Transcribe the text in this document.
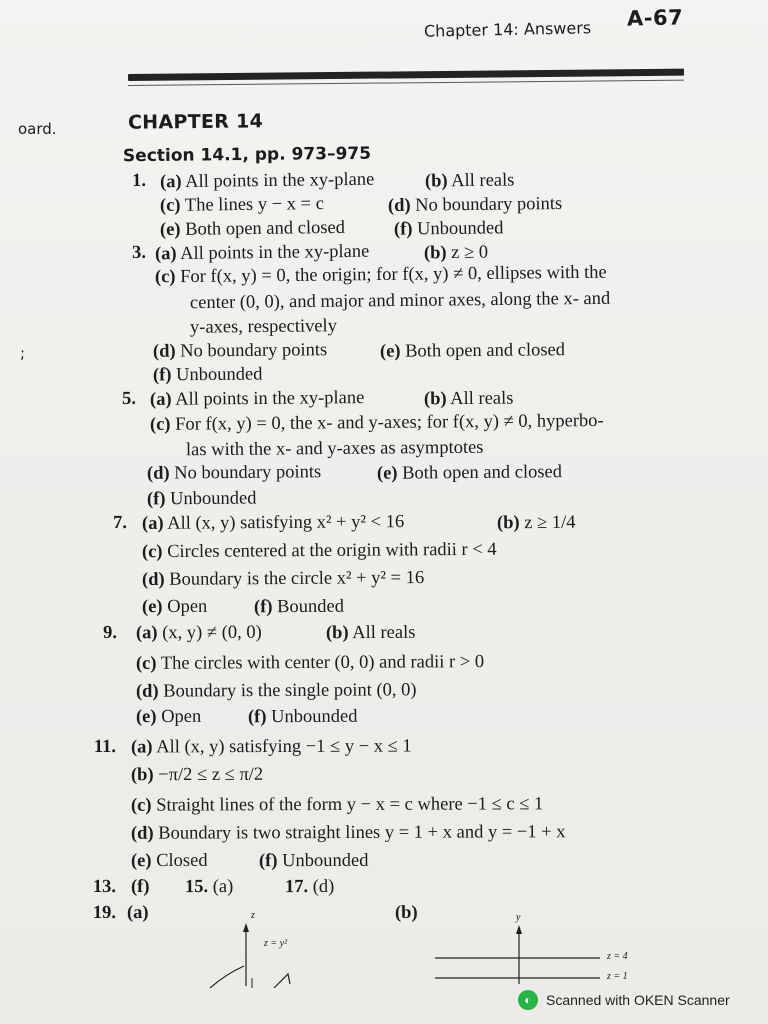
Chapter 14: Answers A-67
oard.
;
CHAPTER 14
Section 14.1, pp. 973–975
1. (a) All points in the xy-plane	(b) All reals
(c) The lines y − x = c	(d) No boundary points
(e) Both open and closed	(f) Unbounded
3. (a) All points in the xy-plane	(b) z ≥ 0
(c) For f(x, y) = 0, the origin; for f(x, y) ≠ 0, ellipses with the
center (0, 0), and major and minor axes, along the x- and
y-axes, respectively
(d) No boundary points	(e) Both open and closed
(f) Unbounded
5. (a) All points in the xy-plane	(b) All reals
(c) For f(x, y) = 0, the x- and y-axes; for f(x, y) ≠ 0, hyperbo-
las with the x- and y-axes as asymptotes
(d) No boundary points	(e) Both open and closed
(f) Unbounded
7. (a) All (x, y) satisfying x² + y² < 16	(b) z ≥ 1/4
(c) Circles centered at the origin with radii r < 4
(d) Boundary is the circle x² + y² = 16
(e) Open	(f) Bounded
9. (a) (x, y) ≠ (0, 0)	(b) All reals
(c) The circles with center (0, 0) and radii r > 0
(d) Boundary is the single point (0, 0)
(e) Open	(f) Unbounded
11. (a) All (x, y) satisfying −1 ≤ y − x ≤ 1
(b) −π/2 ≤ z ≤ π/2
(c) Straight lines of the form y − x = c where −1 ≤ c ≤ 1
(d) Boundary is two straight lines y = 1 + x and y = −1 + x
(e) Closed	(f) Unbounded
13. (f) 15. (a)	17. (d)
19. (a)	(b)
z
z = y²
y
z = 4
z = 1
◐	Scanned with OKEN Scanner
